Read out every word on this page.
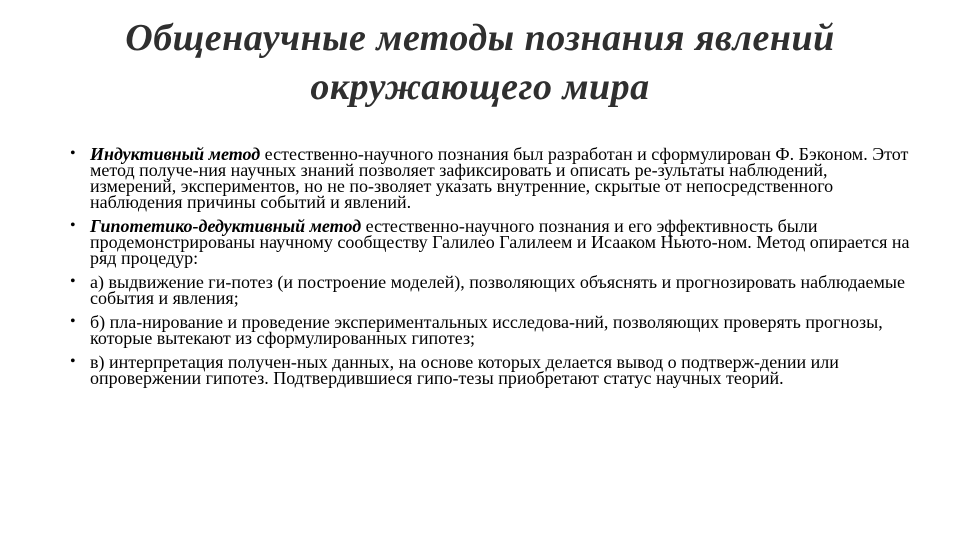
Общенаучные методы познания явлений
окружающего мира
• Индуктивный метод естественно-научного познания был разработан и сформулирован Ф. Бэконом. Этот метод получе-ния научных знаний позволяет зафиксировать и описать ре-зультаты наблюдений, измерений, экспериментов, но не по-зволяет указать внутренние, скрытые от непосредственного наблюдения причины событий и явлений.
• Гипотетико-дедуктивный метод естественно-научного познания и его эффективность были продемонстрированы научному сообществу Галилео Галилеем и Исааком Ньюто-ном. Метод опирается на ряд процедур:
• а) выдвижение ги-потез (и построение моделей), позволяющих объяснять и прогнозировать наблюдаемые события и явления;
• б) пла-нирование и проведение экспериментальных исследова-ний, позволяющих проверять прогнозы, которые вытекают из сформулированных гипотез;
• в) интерпретация получен-ных данных, на основе которых делается вывод о подтверж-дении или опровержении гипотез. Подтвердившиеся гипо-тезы приобретают статус научных теорий.
